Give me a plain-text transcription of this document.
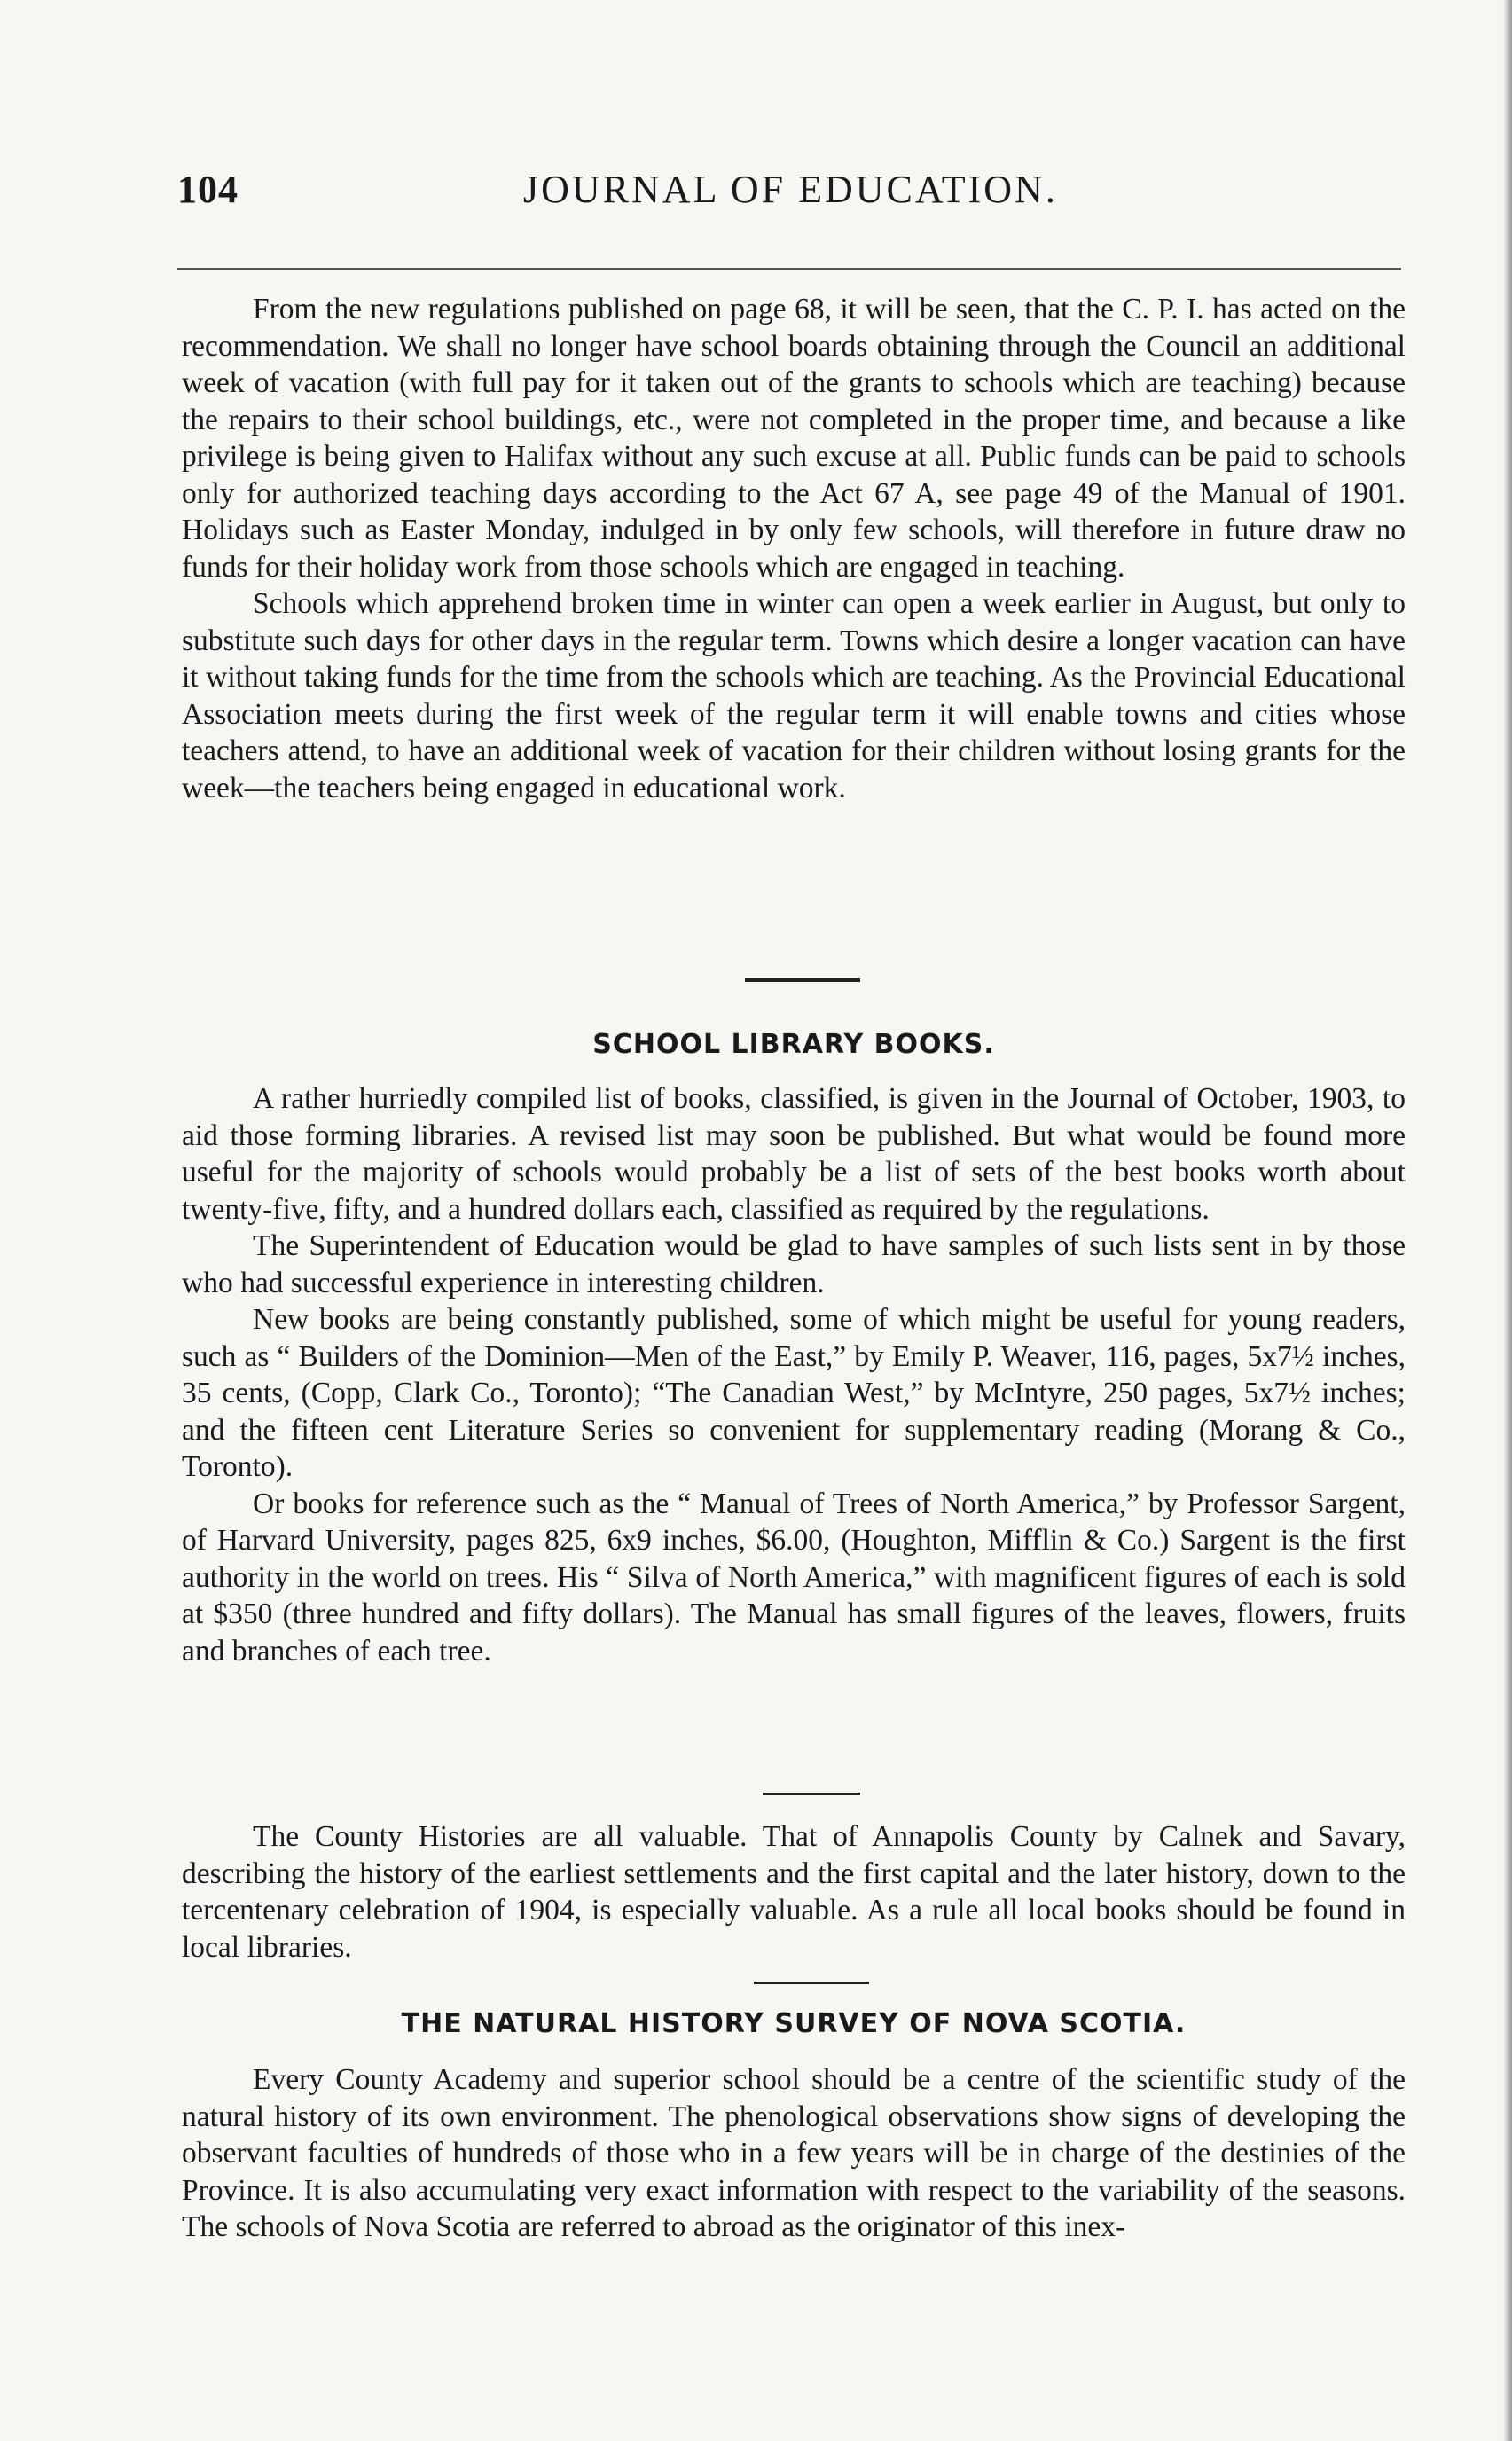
104	JOURNAL OF EDUCATION.

From the new regulations published on page 68, it will be seen, that the C. P. I. has acted on the recommendation. We shall no longer have school boards obtaining through the Council an additional week of vacation (with full pay for it taken out of the grants to schools which are teaching) because the repairs to their school buildings, etc., were not completed in the proper time, and because a like privilege is being given to Halifax without any such excuse at all. Public funds can be paid to schools only for authorized teaching days according to the Act 67 A, see page 49 of the Manual of 1901. Holidays such as Easter Monday, indulged in by only few schools, will therefore in future draw no funds for their holiday work from those schools which are engaged in teaching.

Schools which apprehend broken time in winter can open a week earlier in August, but only to substitute such days for other days in the regular term. Towns which desire a longer vacation can have it without taking funds for the time from the schools which are teaching. As the Provincial Educational Association meets during the first week of the regular term it will enable towns and cities whose teachers attend, to have an additional week of vacation for their children without losing grants for the week—the teachers being engaged in educational work.

SCHOOL LIBRARY BOOKS.

A rather hurriedly compiled list of books, classified, is given in the Journal of October, 1903, to aid those forming libraries. A revised list may soon be published. But what would be found more useful for the majority of schools would probably be a list of sets of the best books worth about twenty-five, fifty, and a hundred dollars each, classified as required by the regulations.

The Superintendent of Education would be glad to have samples of such lists sent in by those who had successful experience in interesting children.

New books are being constantly published, some of which might be useful for young readers, such as “ Builders of the Dominion—Men of the East,” by Emily P. Weaver, 116, pages, 5x7½ inches, 35 cents, (Copp, Clark Co., Toronto); “The Canadian West,” by McIntyre, 250 pages, 5x7½ inches; and the fifteen cent Literature Series so convenient for supplementary reading (Morang & Co., Toronto).

Or books for reference such as the “ Manual of Trees of North America,” by Professor Sargent, of Harvard University, pages 825, 6x9 inches, $6.00, (Houghton, Mifflin & Co.) Sargent is the first authority in the world on trees. His “ Silva of North America,” with magnificent figures of each is sold at $350 (three hundred and fifty dollars). The Manual has small figures of the leaves, flowers, fruits and branches of each tree.

The County Histories are all valuable. That of Annapolis County by Calnek and Savary, describing the history of the earliest settlements and the first capital and the later history, down to the tercentenary celebration of 1904, is especially valuable. As a rule all local books should be found in local libraries.

THE NATURAL HISTORY SURVEY OF NOVA SCOTIA.

Every County Academy and superior school should be a centre of the scientific study of the natural history of its own environment. The phenological observations show signs of developing the observant faculties of hundreds of those who in a few years will be in charge of the destinies of the Province. It is also accumulating very exact information with respect to the variability of the seasons. The schools of Nova Scotia are referred to abroad as the originator of this inex-
